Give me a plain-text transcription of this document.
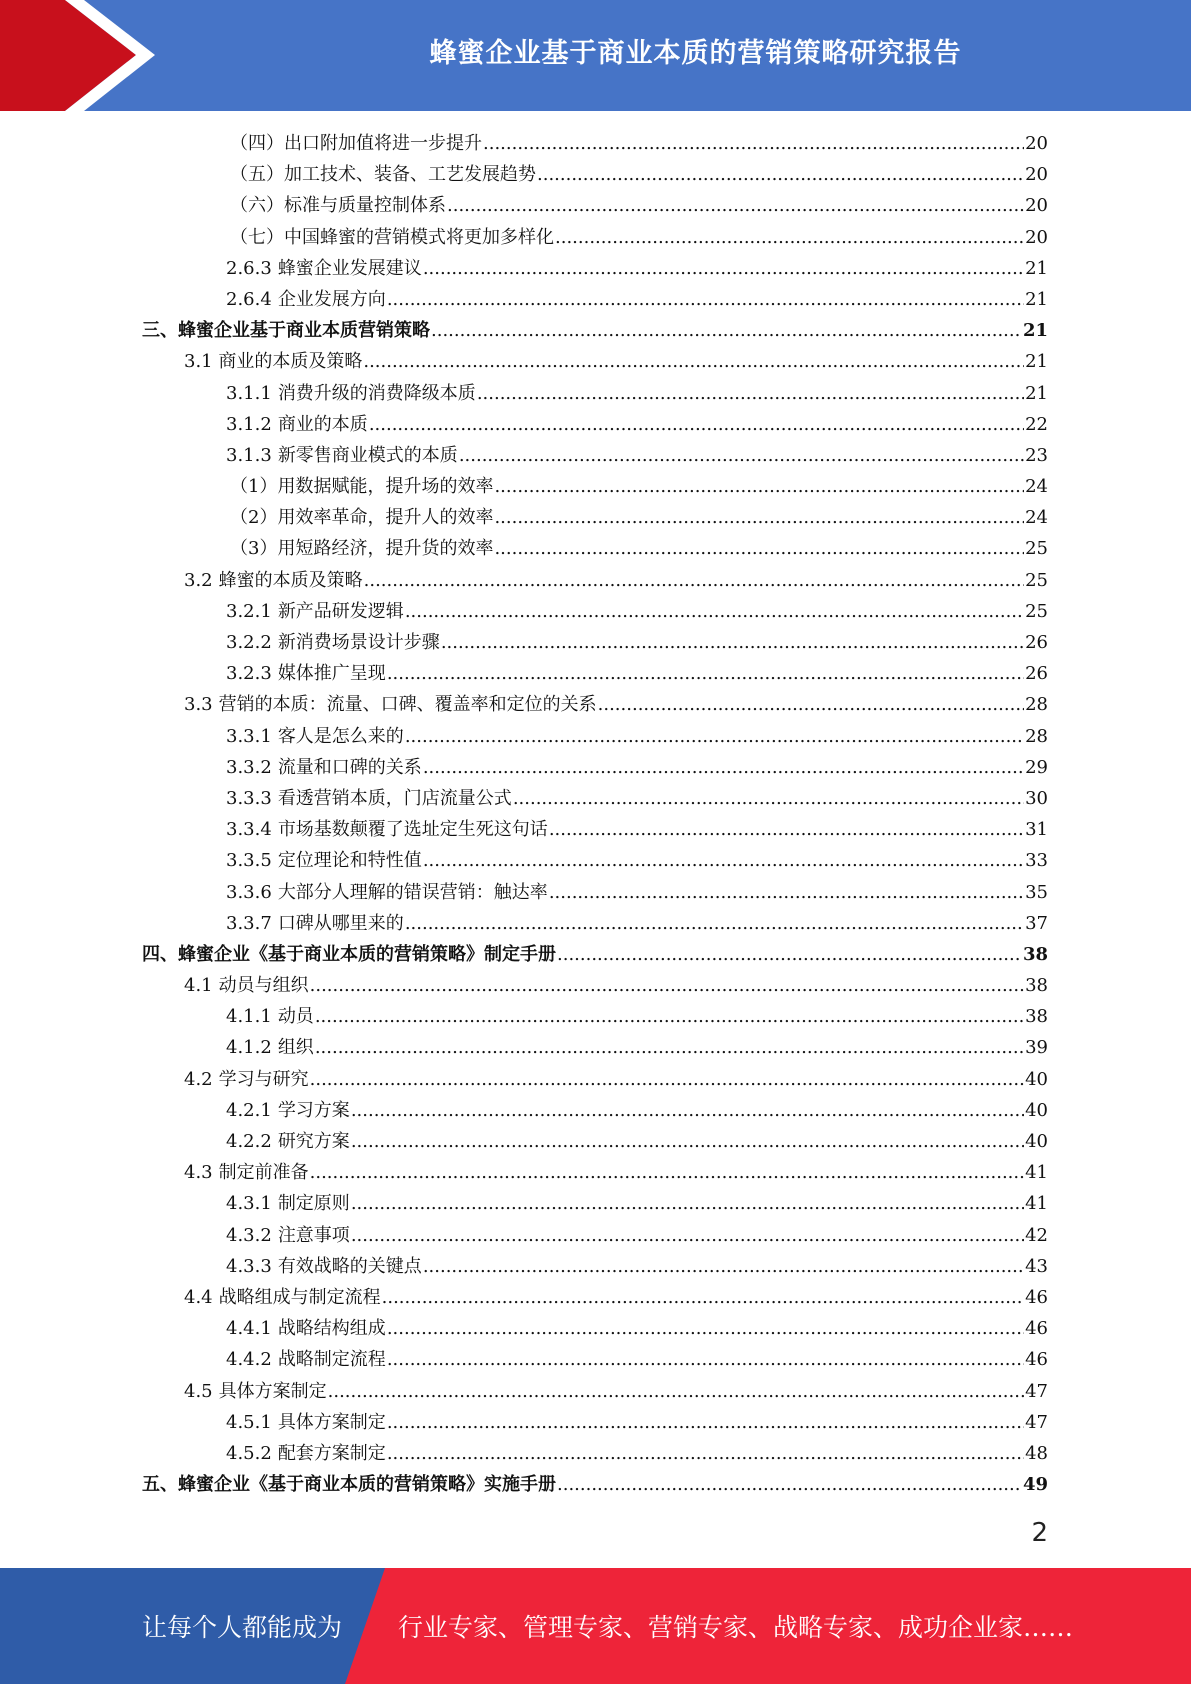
蜂蜜企业基于商业本质的营销策略研究报告
（四）出口附加值将进一步提升 .....	20
（五）加工技术、装备、工艺发展趋势 .....	20
（六）标准与质量控制体系 .....	20
（七）中国蜂蜜的营销模式将更加多样化 .....	20
2.6.3 蜂蜜企业发展建议 .....	21
2.6.4 企业发展方向 .....	21
三、蜂蜜企业基于商业本质营销策略 .....	21
3.1 商业的本质及策略 .....	21
3.1.1 消费升级的消费降级本质 .....	21
3.1.2 商业的本质 .....	22
3.1.3 新零售商业模式的本质 .....	23
（1）用数据赋能，提升场的效率 .....	24
（2）用效率革命，提升人的效率 .....	24
（3）用短路经济，提升货的效率 .....	25
3.2 蜂蜜的本质及策略 .....	25
3.2.1 新产品研发逻辑 .....	25
3.2.2 新消费场景设计步骤 .....	26
3.2.3 媒体推广呈现 .....	26
3.3 营销的本质：流量、口碑、覆盖率和定位的关系 .....	28
3.3.1 客人是怎么来的 .....	28
3.3.2 流量和口碑的关系 .....	29
3.3.3 看透营销本质，门店流量公式 .....	30
3.3.4 市场基数颠覆了选址定生死这句话 .....	31
3.3.5 定位理论和特性值 .....	33
3.3.6 大部分人理解的错误营销：触达率 .....	35
3.3.7 口碑从哪里来的 .....	37
四、蜂蜜企业《基于商业本质的营销策略》制定手册 .....	38
4.1 动员与组织 .....	38
4.1.1 动员 .....	38
4.1.2 组织 .....	39
4.2 学习与研究 .....	40
4.2.1 学习方案 .....	40
4.2.2 研究方案 .....	40
4.3 制定前准备 .....	41
4.3.1 制定原则 .....	41
4.3.2 注意事项 .....	42
4.3.3 有效战略的关键点 .....	43
4.4 战略组成与制定流程 .....	46
4.4.1 战略结构组成 .....	46
4.4.2 战略制定流程 .....	46
4.5 具体方案制定 .....	47
4.5.1 具体方案制定 .....	47
4.5.2 配套方案制定 .....	48
五、蜂蜜企业《基于商业本质的营销策略》实施手册 .....	49
2
让每个人都能成为 行业专家、管理专家、营销专家、战略专家、成功企业家……
